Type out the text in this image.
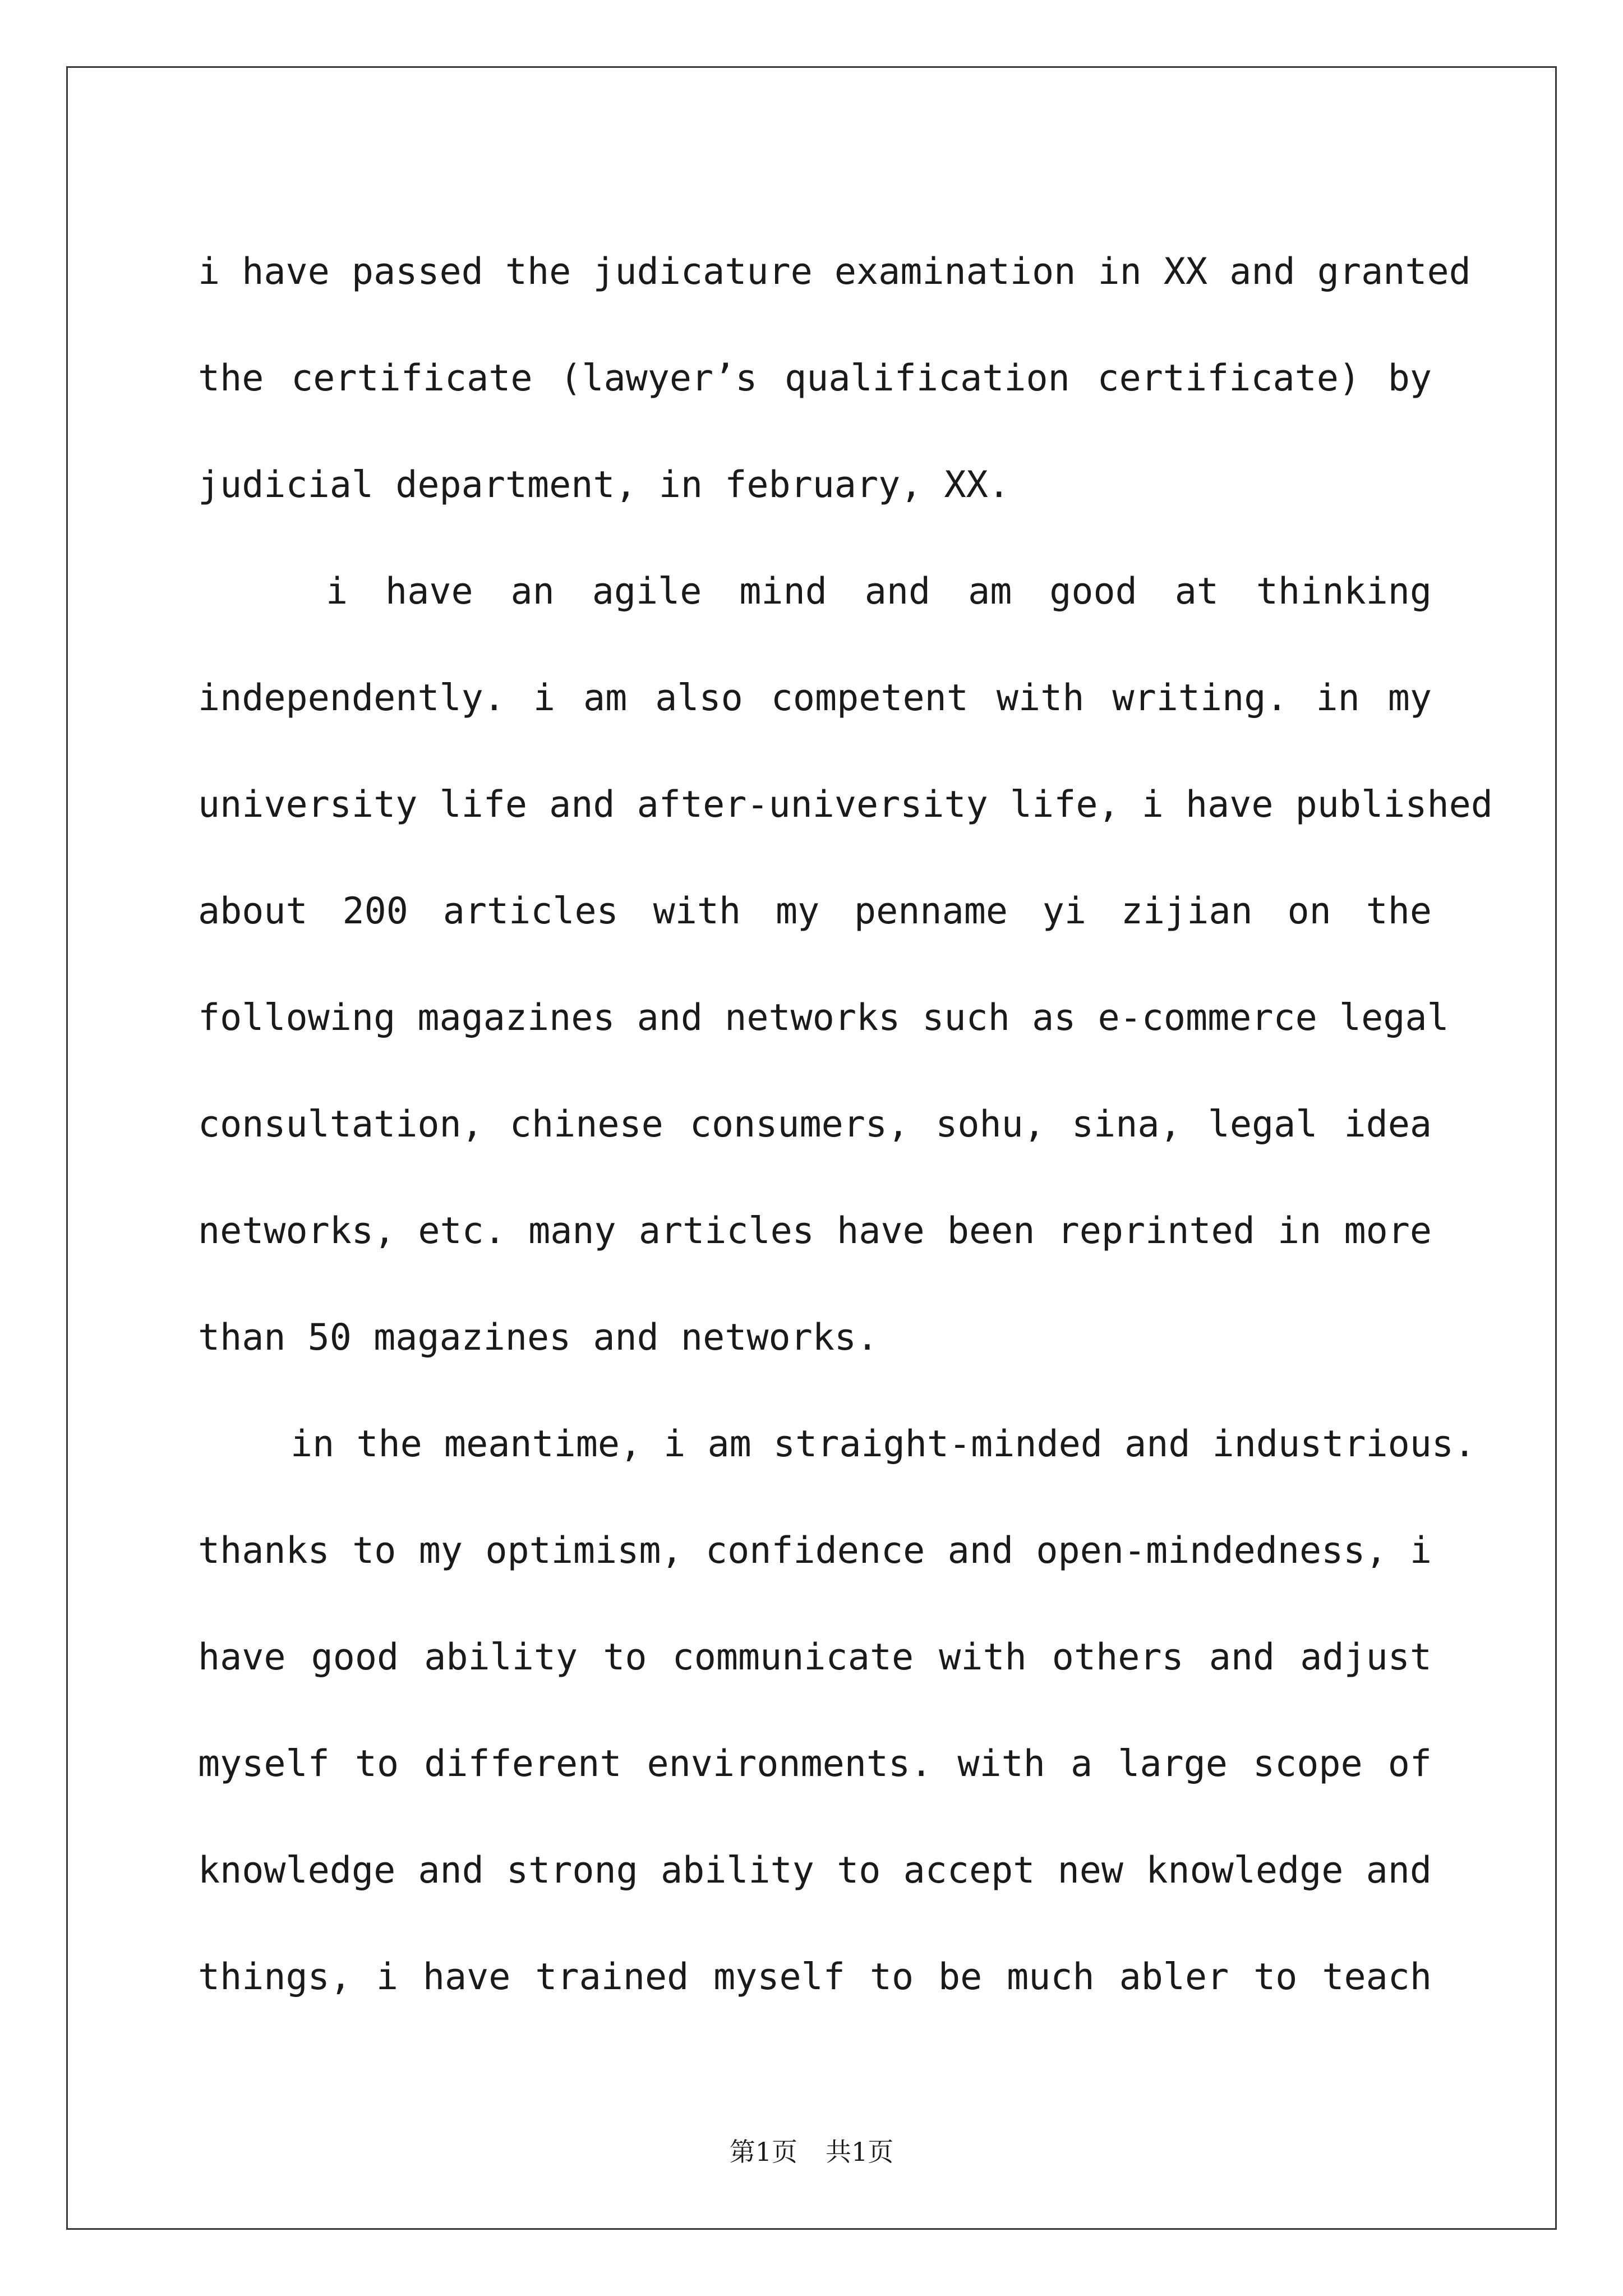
i have passed the judicature examination in XX and granted
the certificate (lawyer’s qualification certificate) by
judicial department, in february, XX.
i have an agile mind and am good at thinking
independently. i am also competent with writing. in my
university life and after-university life, i have published
about 200 articles with my penname yi zijian on the
following magazines and networks such as e-commerce legal
consultation, chinese consumers, sohu, sina, legal idea
networks, etc. many articles have been reprinted in more
than 50 magazines and networks.
in the meantime, i am straight-minded and industrious.
thanks to my optimism, confidence and open-mindedness, i
have good ability to communicate with others and adjust
myself to different environments. with a large scope of
knowledge and strong ability to accept new knowledge and
things, i have trained myself to be much abler to teach
第1页 共1页
